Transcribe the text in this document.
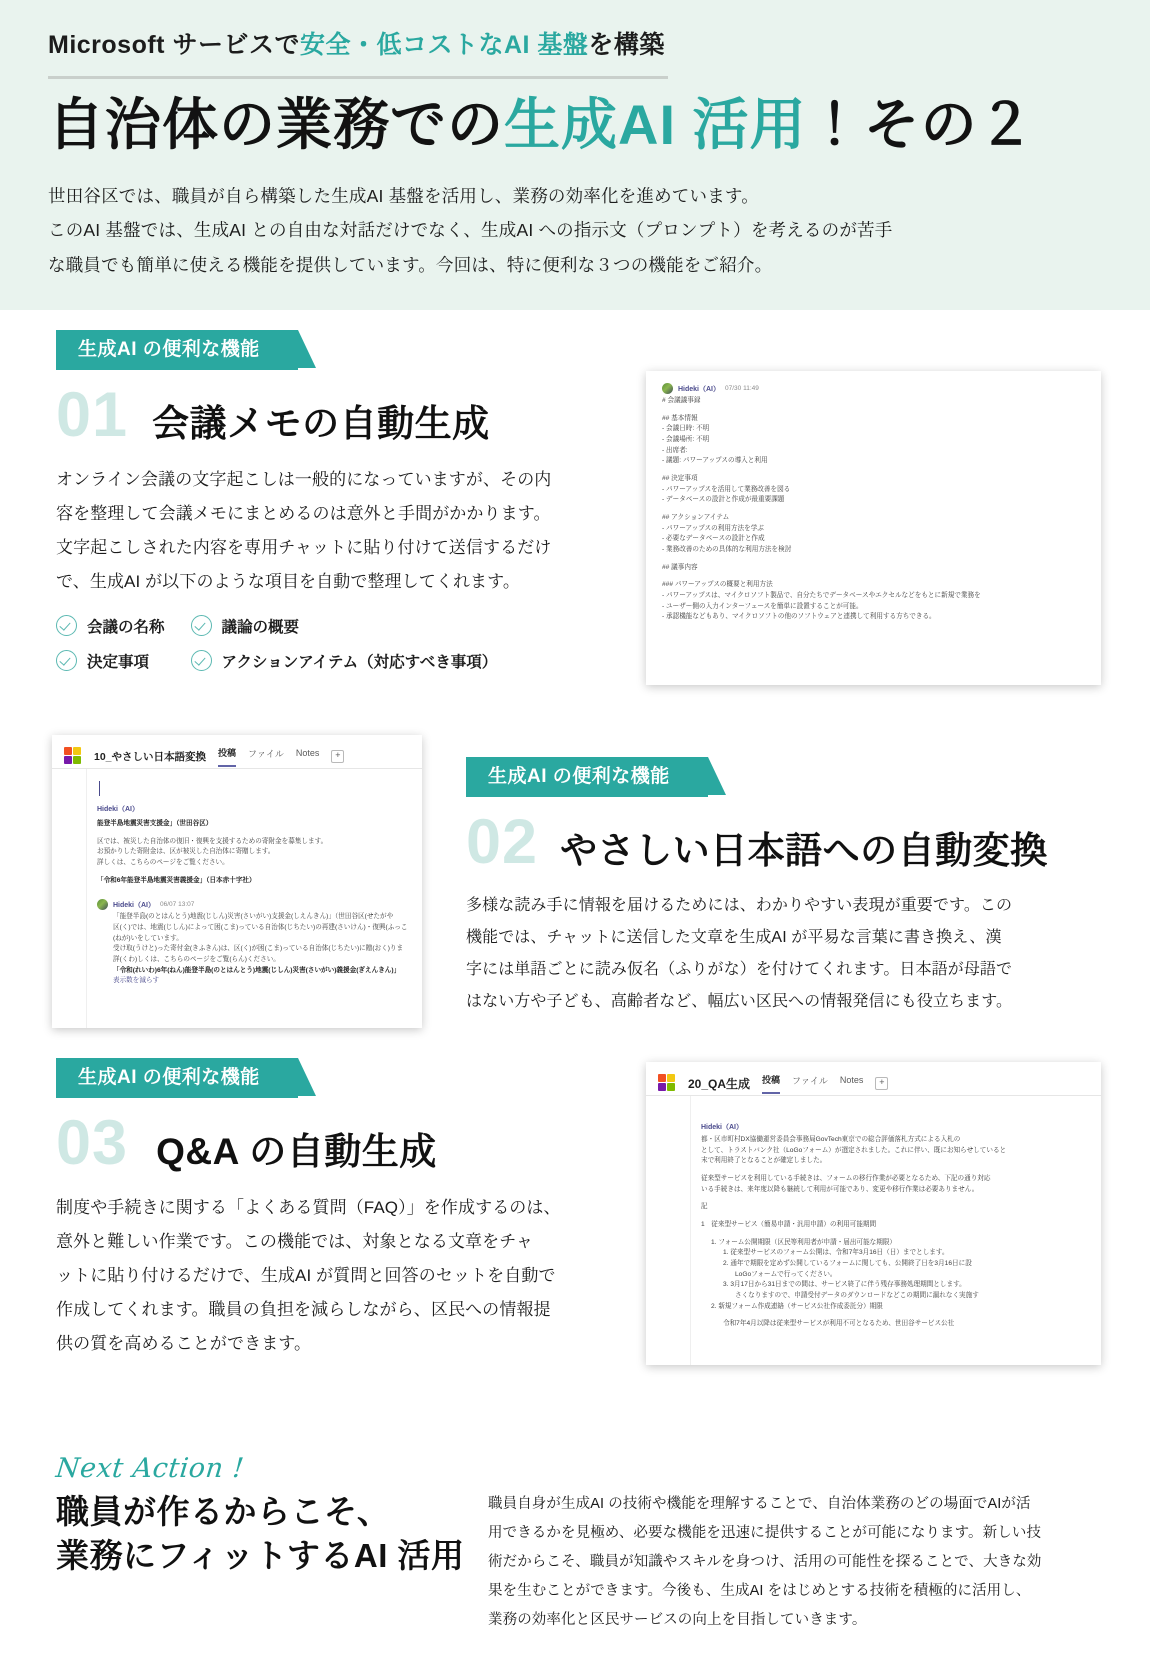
Microsoft サービスで安全・低コストなAI 基盤を構築
自治体の業務での生成AI 活用！その２

世田谷区では、職員が自ら構築した生成AI 基盤を活用し、業務の効率化を進めています。

このAI 基盤では、生成AI との自由な対話だけでなく、生成AI への指示文（プロンプト）を考えるのが苦手

な職員でも簡単に使える機能を提供しています。今回は、特に便利な３つの機能をご紹介。

生成AI の便利な機能
01 会議メモの自動生成

オンライン会議の文字起こしは一般的になっていますが、その内

容を整理して会議メモにまとめるのは意外と手間がかかります。

文字起こしされた内容を専用チャットに貼り付けて送信するだけ

で、生成AI が以下のような項目を自動で整理してくれます。

会議の名称	議論の概要
決定事項	アクションアイテム（対応すべき事項）
Hideki（AI） 07/30 11:49
# 会議議事録
## 基本情報
- 会議日時: 不明
- 会議場所: 不明
- 出席者:
- 議題: パワーアップスの導入と利用
## 決定事項
- パワーアップスを活用して業務改善を図る
- データベースの設計と作成が最重要課題
## アクションアイテム
- パワーアップスの利用方法を学ぶ
- 必要なデータベースの設計と作成
- 業務改善のための具体的な利用方法を検討
## 議事内容
### パワーアップスの概要と利用方法
- パワーアップスは、マイクロソフト製品で、自分たちでデータベースやエクセルなどをもとに新規で業務を
- ユーザー側の入力インターフェースを簡単に設置することが可能。
- 承認機能などもあり、マイクロソフトの他のソフトウェアと連携して利用する方ちできる。
10_やさしい日本語変換 投稿 ファイル Notes	+
Hideki（AI）
能登半島地震災害支援金」（世田谷区）
区では、被災した自治体の復旧・復興を支援するための寄附金を募集します。
お預かりした寄附金は、区が被災した自治体に寄贈します。
詳しくは、こちらのページをご覧ください。
「令和6年能登半島地震災害義援金」（日本赤十字社）
Hideki（AI） 06/07 13:07
「能登半島(のとはんとう)地震(じしん)災害(さいがい)支援金(しえんきん)」（世田谷区(せたがや
区(く)では、地震(じしん)によって困(こま)っている自治体(じちたい)の再建(さいけん)・復興(ふっこ
(ねが)いをしています。
受け取(うけと)った寄付金(きふきん)は、区(く)が困(こま)っている自治体(じちたい)に贈(おく)りま
詳(くわ)しくは、こちらのページをご覧(らん)ください。
「令和(れいわ)6年(ねん)能登半島(のとはんとう)地震(じしん)災害(さいがい)義援金(ぎえんきん)」
表示数を減らす
生成AI の便利な機能
02 やさしい日本語への自動変換

多様な読み手に情報を届けるためには、わかりやすい表現が重要です。この

機能では、チャットに送信した文章を生成AI が平易な言葉に書き換え、漢

字には単語ごとに読み仮名（ふりがな）を付けてくれます。日本語が母語で

はない方や子ども、高齢者など、幅広い区民への情報発信にも役立ちます。

生成AI の便利な機能
03 Q&A の自動生成

制度や手続きに関する「よくある質問（FAQ）」を作成するのは、

意外と難しい作業です。この機能では、対象となる文章をチャ

ットに貼り付けるだけで、生成AI が質問と回答のセットを自動で

作成してくれます。職員の負担を減らしながら、区民への情報提

供の質を高めることができます。

20_QA生成 投稿 ファイル Notes	+
Hideki（AI）
都・区市町村DX協働運営委員会事務局GovTech東京での総合評価落札方式による入札の
として、トラストバンク社（LoGoフォーム）が選定されました。これに伴い、既にお知らせしていると
末で利用終了となることが確定しました。
従来型サービスを利用している手続きは、フォームの移行作業が必要となるため、下記の通り対応
いる手続きは、来年度以降も継続して利用が可能であり、変更や移行作業は必要ありません。
記
1　従来型サービス（簡易申請・汎用申請）の利用可能期間
1. フォーム公開期限（区民等利用者が申請・届出可能な期限）
1. 従来型サービスのフォーム公開は、令和7年3月16日（日）までとします。
2. 通年で期限を定めず公開しているフォームに関しても、公開終了日を3月16日に設
LoGoフォームで行ってください。
3. 3月17日から31日までの間は、サービス終了に伴う残存事務処理期間とします。
さくなりますので、申請受付データのダウンロードなどこの期間に漏れなく実施す
2. 新規フォーム作成連絡（サービス公社作成委託分）期限
令和7年4月以降は従来型サービスが利用不可となるため、世田谷サービス公社
Next Action !
職員が作るからこそ、
業務にフィットするAI 活用

職員自身が生成AI の技術や機能を理解することで、自治体業務のどの場面でAIが活

用できるかを見極め、必要な機能を迅速に提供することが可能になります。新しい技

術だからこそ、職員が知識やスキルを身つけ、活用の可能性を探ることで、大きな効

果を生むことができます。今後も、生成AI をはじめとする技術を積極的に活用し、

業務の効率化と区民サービスの向上を目指していきます。
